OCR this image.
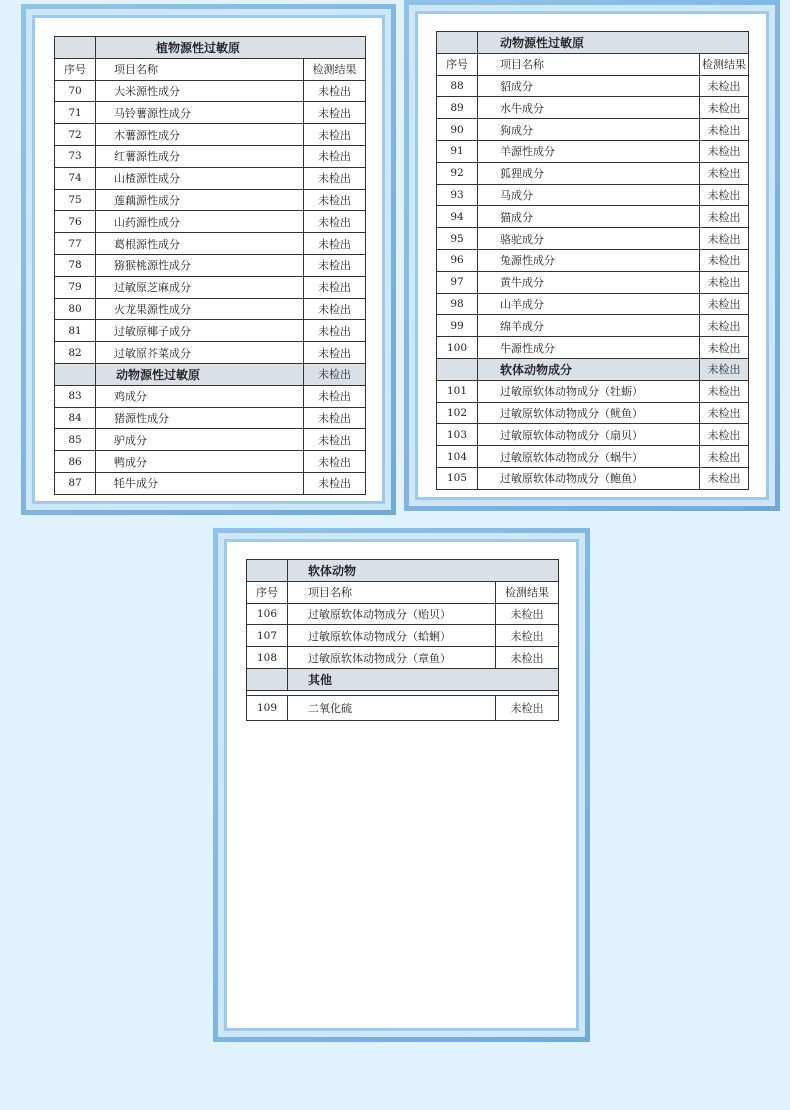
	植物源性过敏原	
序号	项目名称	检测结果
70	大米源性成分	未检出
71	马铃薯源性成分	未检出
72	木薯源性成分	未检出
73	红薯源性成分	未检出
74	山楂源性成分	未检出
75	莲藕源性成分	未检出
76	山药源性成分	未检出
77	葛根源性成分	未检出
78	猕猴桃源性成分	未检出
79	过敏原芝麻成分	未检出
80	火龙果源性成分	未检出
81	过敏原椰子成分	未检出
82	过敏原芥菜成分	未检出
	动物源性过敏原	未检出
83	鸡成分	未检出
84	猪源性成分	未检出
85	驴成分	未检出
86	鸭成分	未检出
87	牦牛成分	未检出
	动物源性过敏原	
序号	项目名称	检测结果
88	貂成分	未检出
89	水牛成分	未检出
90	狗成分	未检出
91	羊源性成分	未检出
92	狐狸成分	未检出
93	马成分	未检出
94	猫成分	未检出
95	骆驼成分	未检出
96	兔源性成分	未检出
97	黄牛成分	未检出
98	山羊成分	未检出
99	绵羊成分	未检出
100	牛源性成分	未检出
	软体动物成分	未检出
101	过敏原软体动物成分（牡蛎）	未检出
102	过敏原软体动物成分（鱿鱼）	未检出
103	过敏原软体动物成分（扇贝）	未检出
104	过敏原软体动物成分（蜗牛）	未检出
105	过敏原软体动物成分（鲍鱼）	未检出
	软体动物	
序号	项目名称	检测结果
106	过敏原软体动物成分（贻贝）	未检出
107	过敏原软体动物成分（蛤蜊）	未检出
108	过敏原软体动物成分（章鱼）	未检出
	其他	

109	二氧化硫	未检出
